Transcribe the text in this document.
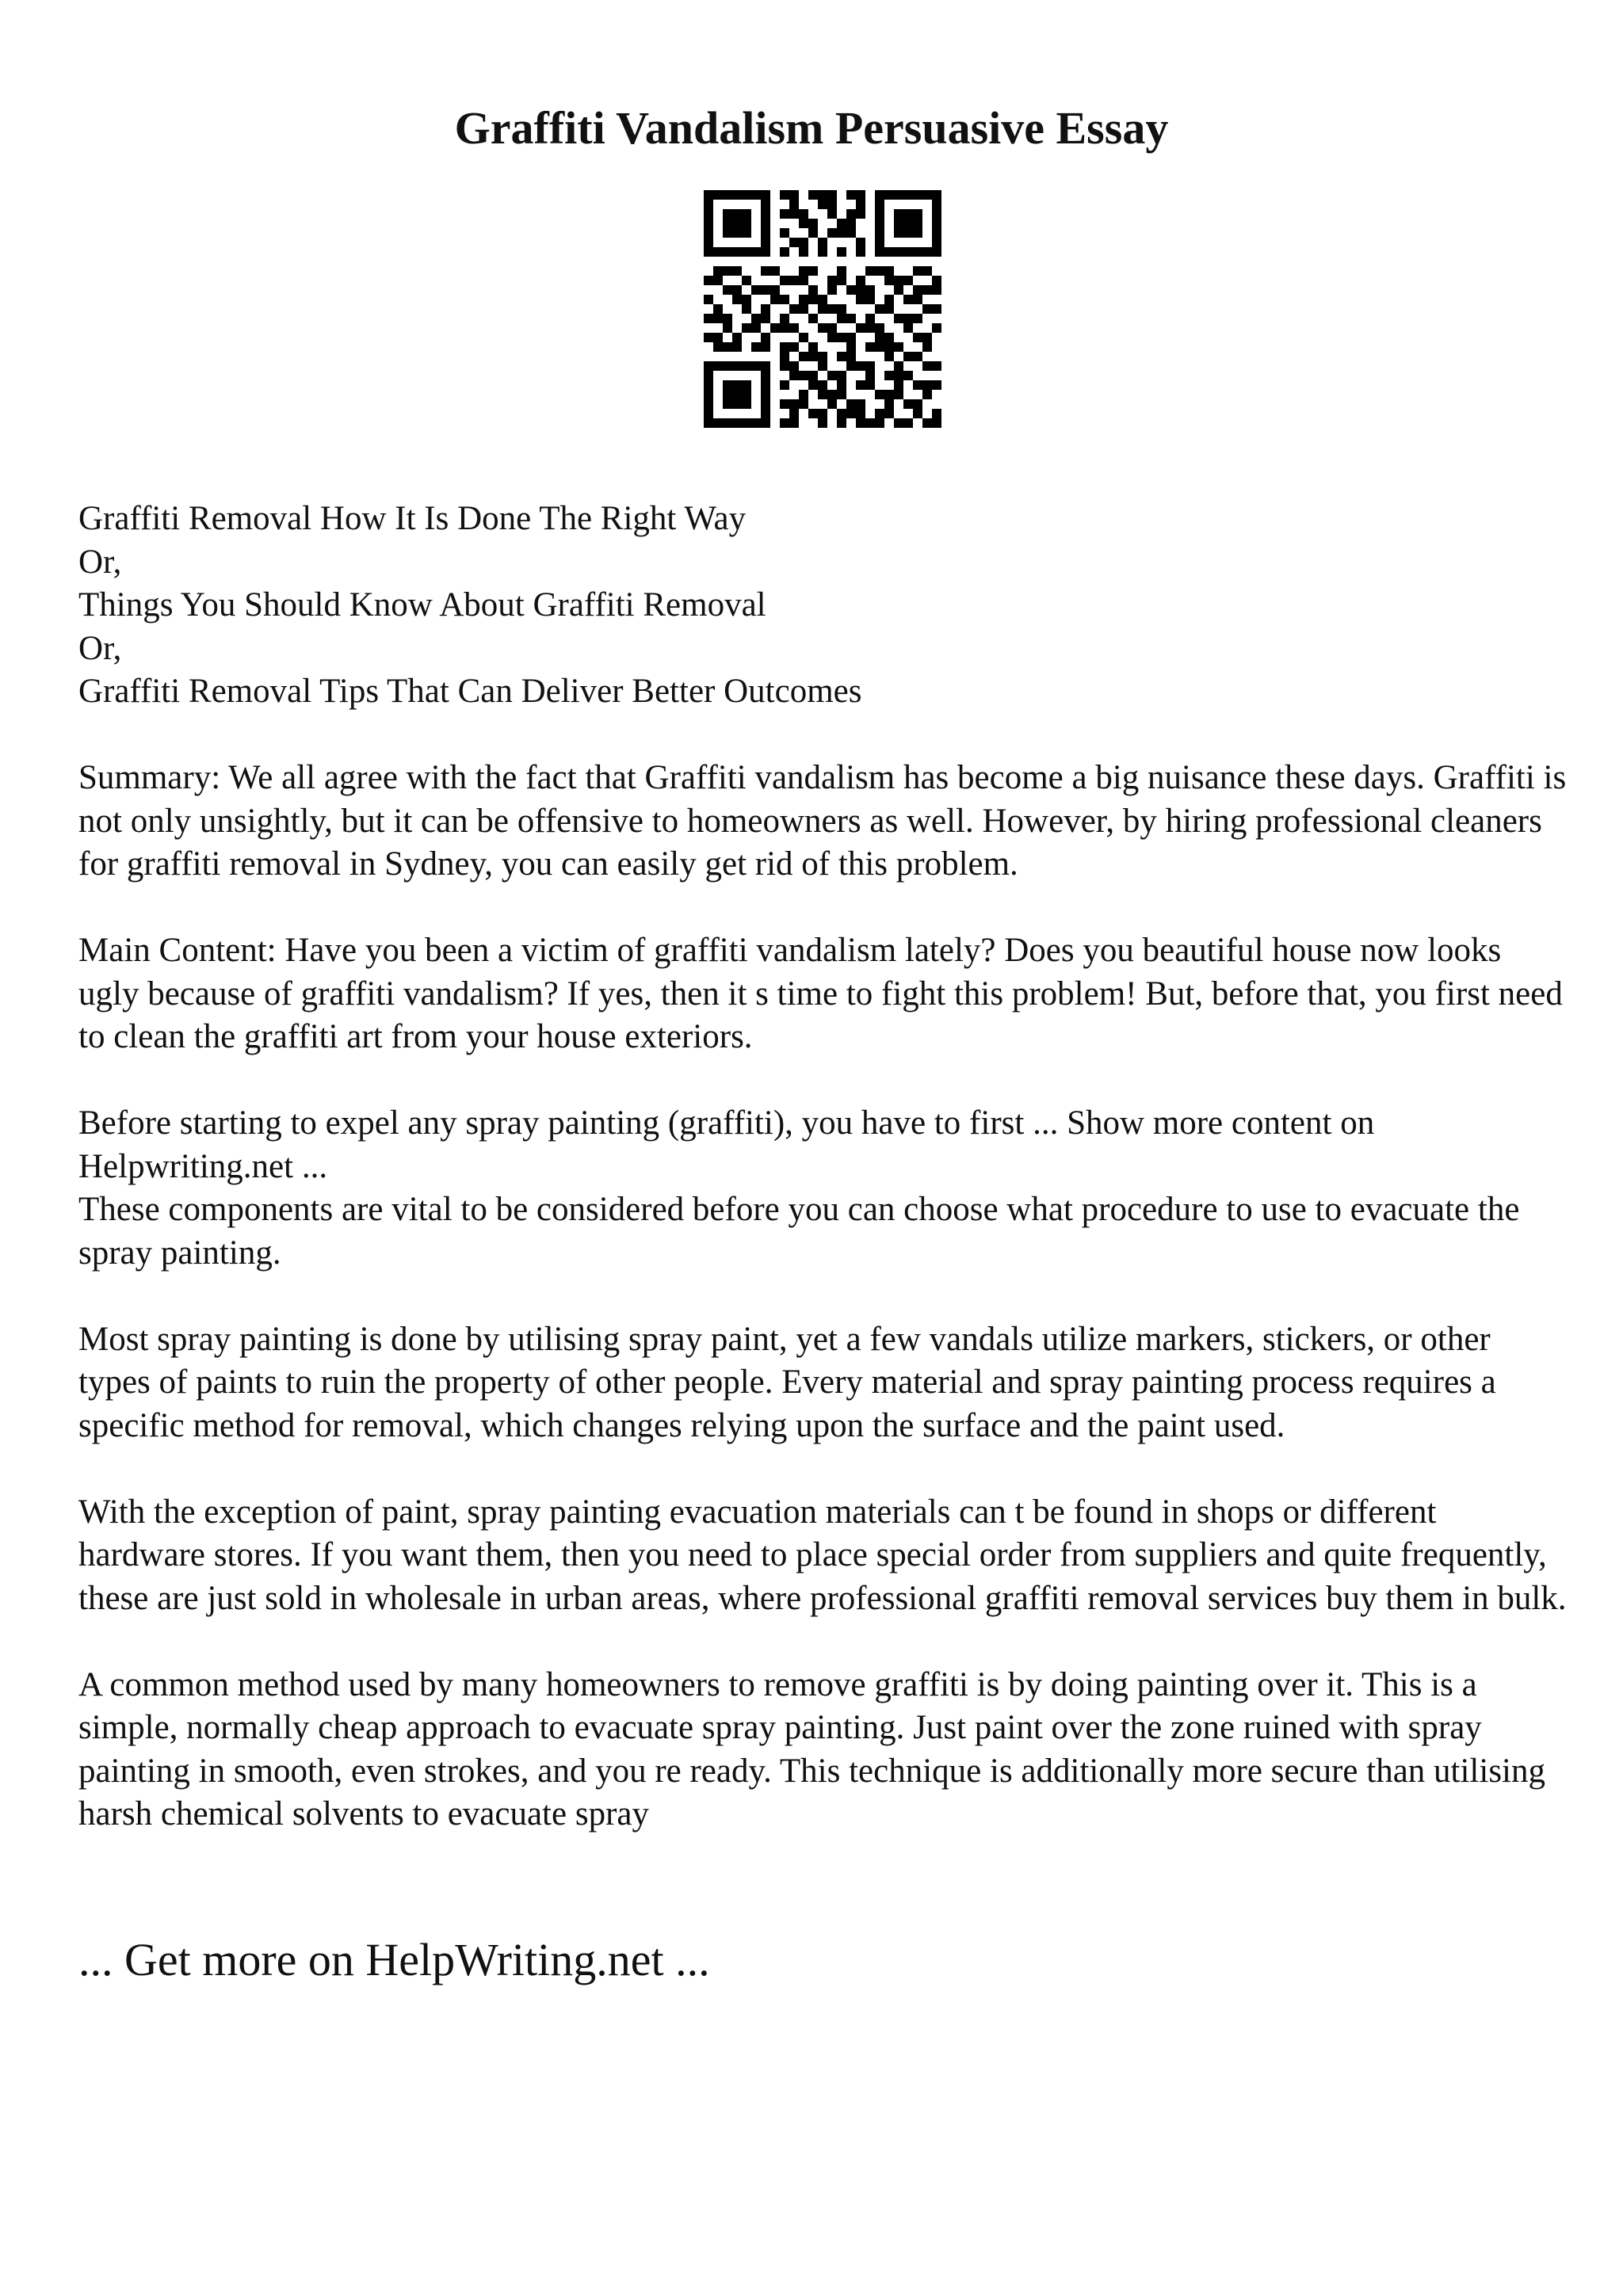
Graffiti Vandalism Persuasive Essay
Graffiti Removal How It Is Done The Right Way
Or,
Things You Should Know About Graffiti Removal
Or,
Graffiti Removal Tips That Can Deliver Better Outcomes

Summary: We all agree with the fact that Graffiti vandalism has become a big nuisance these days. Graffiti is not only unsightly, but it can be offensive to homeowners as well. However, by hiring professional cleaners for graffiti removal in Sydney, you can easily get rid of this problem.

Main Content: Have you been a victim of graffiti vandalism lately? Does you beautiful house now looks ugly because of graffiti vandalism? If yes, then it s time to fight this problem! But, before that, you first need to clean the graffiti art from your house exteriors.

Before starting to expel any spray painting (graffiti), you have to first ... Show more content on Helpwriting.net ...

These components are vital to be considered before you can choose what procedure to use to evacuate the spray painting.

Most spray painting is done by utilising spray paint, yet a few vandals utilize markers, stickers, or other types of paints to ruin the property of other people. Every material and spray painting process requires a specific method for removal, which changes relying upon the surface and the paint used.

With the exception of paint, spray painting evacuation materials can t be found in shops or different hardware stores. If you want them, then you need to place special order from suppliers and quite frequently, these are just sold in wholesale in urban areas, where professional graffiti removal services buy them in bulk.

A common method used by many homeowners to remove graffiti is by doing painting over it. This is a simple, normally cheap approach to evacuate spray painting. Just paint over the zone ruined with spray painting in smooth, even strokes, and you re ready. This technique is additionally more secure than utilising harsh chemical solvents to evacuate spray

... Get more on HelpWriting.net ...
